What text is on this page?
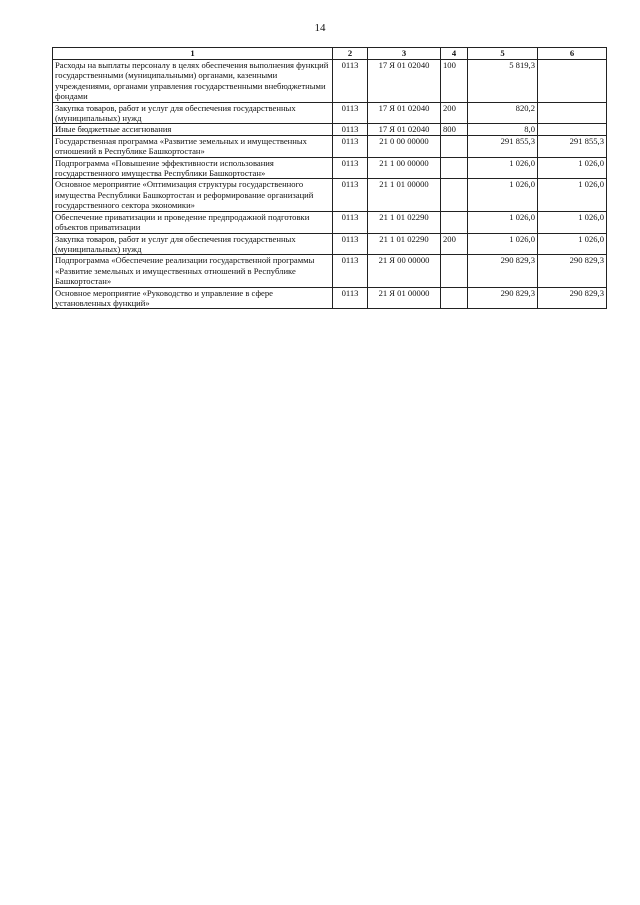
14
1	2	3	4	5	6
Расходы на выплаты персоналу в целях обеспечения выполнения функций государственными (муниципальными) органами, казенными учреждениями, органами управления государственными внебюджетными фондами	0113	17 Я 01 02040	100	5 819,3	
Закупка товаров, работ и услуг для обеспечения государственных (муниципальных) нужд	0113	17 Я 01 02040	200	820,2	
Иные бюджетные ассигнования	0113	17 Я 01 02040	800	8,0	
Государственная программа «Развитие земельных и имущественных отношений в Республике Башкортостан»	0113	21 0 00 00000		291 855,3	291 855,3
Подпрограмма «Повышение эффективности использования государственного имущества Республики Башкортостан»	0113	21 1 00 00000		1 026,0	1 026,0
Основное мероприятие «Оптимизация структуры государственного имущества Республики Башкортостан и реформирование организаций государственного сектора экономики»	0113	21 1 01 00000		1 026,0	1 026,0
Обеспечение приватизации и проведение предпродажной подготовки объектов приватизации	0113	21 1 01 02290		1 026,0	1 026,0
Закупка товаров, работ и услуг для обеспечения государственных (муниципальных) нужд	0113	21 1 01 02290	200	1 026,0	1 026,0
Подпрограмма «Обеспечение реализации государственной программы «Развитие земельных и имущественных отношений в Республике Башкортостан»	0113	21 Я 00 00000		290 829,3	290 829,3
Основное мероприятие «Руководство и управление в сфере установленных функций»	0113	21 Я 01 00000		290 829,3	290 829,3
